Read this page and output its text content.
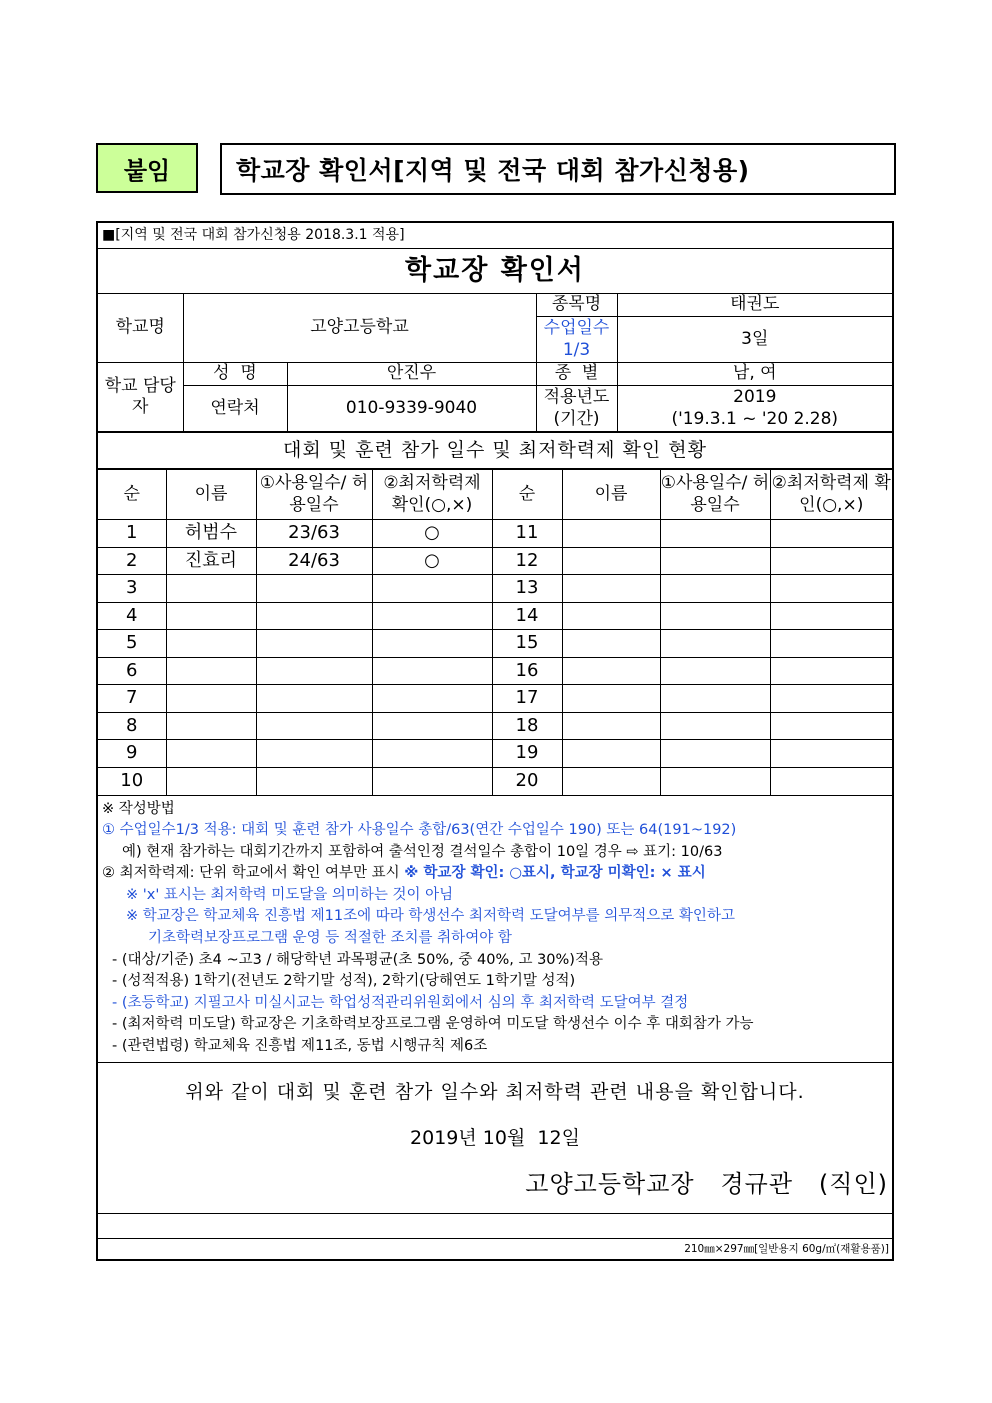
붙임	학교장 확인서[지역 및 전국 대회 참가신청용)
■[지역 및 전국 대회 참가신청용 2018.3.1 적용]
학교장 확인서
학교명	고양고등학교		종목명	태권도
			수업일수 1/3	3일
학교 담당자	성  명	안진우	종  별	남, 여
	연락처	010-9339-9040	적용년도 (기간)	2019
('19.3.1 ~ '20 2.28)
대회 및 훈련 참가 일수 및 최저학력제 확인 현황
순	이름	①사용일수/ 허용일수	②최저학력제 확인(○,×)	순	이름	①사용일수/ 허용일수	②최저학력제 확인(○,×)
1	허범수	23/63	○	11			
2	진효리	24/63	○	12			
3				13			
4				14			
5				15			
6				16			
7				17			
8				18			
9				19			
10				20			
※ 작성방법
① 수업일수1/3 적용: 대회 및 훈련 참가 사용일수 총합/63(연간 수업일수 190) 또는 64(191~192)
예) 현재 참가하는 대회기간까지 포함하여 출석인정 결석일수 총합이 10일 경우 ⇨ 표기: 10/63
② 최저학력제: 단위 학교에서 확인 여부만 표시 ※ 학교장 확인: ○표시, 학교장 미확인: × 표시
※ 'x' 표시는 최저학력 미도달을 의미하는 것이 아님
※ 학교장은 학교체육 진흥법 제11조에 따라 학생선수 최저학력 도달여부를 의무적으로 확인하고
기초학력보장프로그램 운영 등 적절한 조치를 취하여야 함
- (대상/기준) 초4 ~고3 / 해당학년 과목평균(초 50%, 중 40%, 고 30%)적용
- (성적적용) 1학기(전년도 2학기말 성적), 2학기(당해연도 1학기말 성적)
- (초등학교) 지필고사 미실시교는 학업성적관리위원회에서 심의 후 최저학력 도달여부 결정
- (최저학력 미도달) 학교장은 기초학력보장프로그램 운영하여 미도달 학생선수 이수 후 대회참가 가능
- (관련법령) 학교체육 진흥법 제11조, 동법 시행규칙 제6조
위와 같이 대회 및 훈련 참가 일수와 최저학력 관련 내용을 확인합니다.
2019년 10월  12일
고양고등학교장   경규관   (직인)
210㎜×297㎜[일반용지 60g/㎡(재활용품)]
